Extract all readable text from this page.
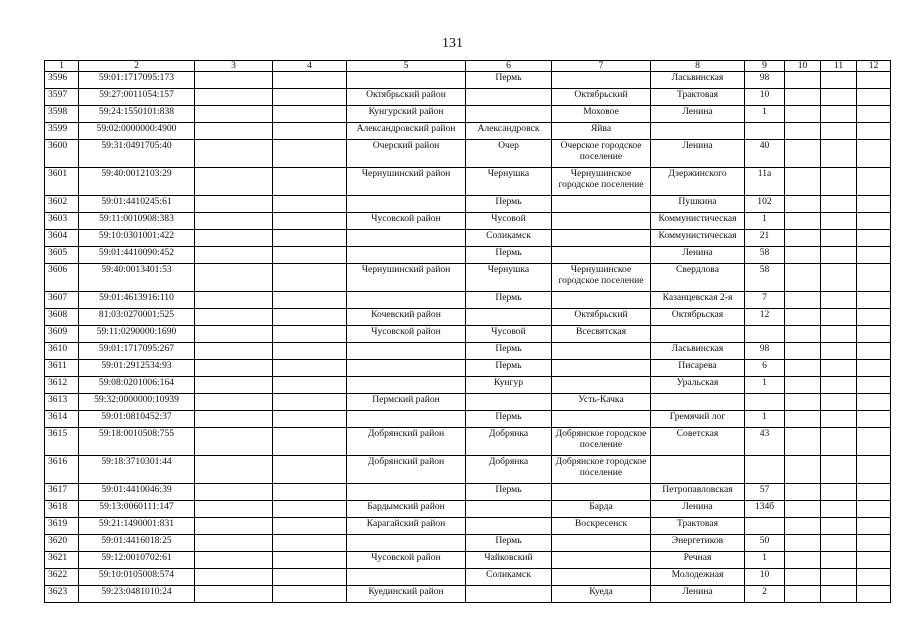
131
1	2	3	4	5	6	7	8	9	10	11	12
3596	59:01:1717095:173				Пермь		Ласьвинская	98			
3597	59:27:0011054:157			Октябрьский район		Октябрьский	Трактовая	10			
3598	59:24:1550101:838			Кунгурский район		Моховое	Ленина	1			
3599	59:02:0000000:4900			Александровский район	Александровск	Яйва					
3600	59:31:0491705:40			Очерский район	Очер	Очерское городское поселение	Ленина	40			
3601	59:40:0012103:29			Чернушинский район	Чернушка	Чернушинское городское поселение	Дзержинского	11а			
3602	59:01:4410245:61				Пермь		Пушкина	102			
3603	59:11:0010908:383			Чусовской район	Чусовой		Коммунистическая	1			
3604	59:10:0301001:422				Соликамск		Коммунистическая	21			
3605	59:01:4410090:452				Пермь		Ленина	58			
3606	59:40:0013401:53			Чернушинский район	Чернушка	Чернушинское городское поселение	Свердлова	58			
3607	59:01:4613916:110				Пермь		Казанцевская 2-я	7			
3608	81:03:0270001:525			Кочевский район		Октябрьский	Октябрьская	12			
3609	59:11:0290000:1690			Чусовской район	Чусовой	Всесвятская					
3610	59:01:1717095:267				Пермь		Ласьвинская	98			
3611	59:01:2912534:93				Пермь		Писарева	6			
3612	59:08:0201006:164				Кунгур		Уральская	1			
3613	59:32:0000000:10939			Пермский район		Усть-Качка					
3614	59:01:0810452:37				Пермь		Гремячий лог	1			
3615	59:18:0010508:755			Добрянский район	Добрянка	Добрянское городское поселение	Советская	43			
3616	59:18:3710301:44			Добрянский район	Добрянка	Добрянское городское поселение					
3617	59:01:4410046:39				Пермь		Петропавловская	57			
3618	59:13:0060111:147			Бардымский район		Барда	Ленина	134б			
3619	59:21:1490001:831			Карагайский район		Воскресенск	Трактовая				
3620	59:01:4416018:25				Пермь		Энергетиков	50			
3621	59:12:0010702:61			Чусовской район	Чайковский		Речная	1			
3622	59:10:0105008:574				Соликамск		Молодежная	10			
3623	59:23:0481010:24			Куединский район		Куеда	Ленина	2			
